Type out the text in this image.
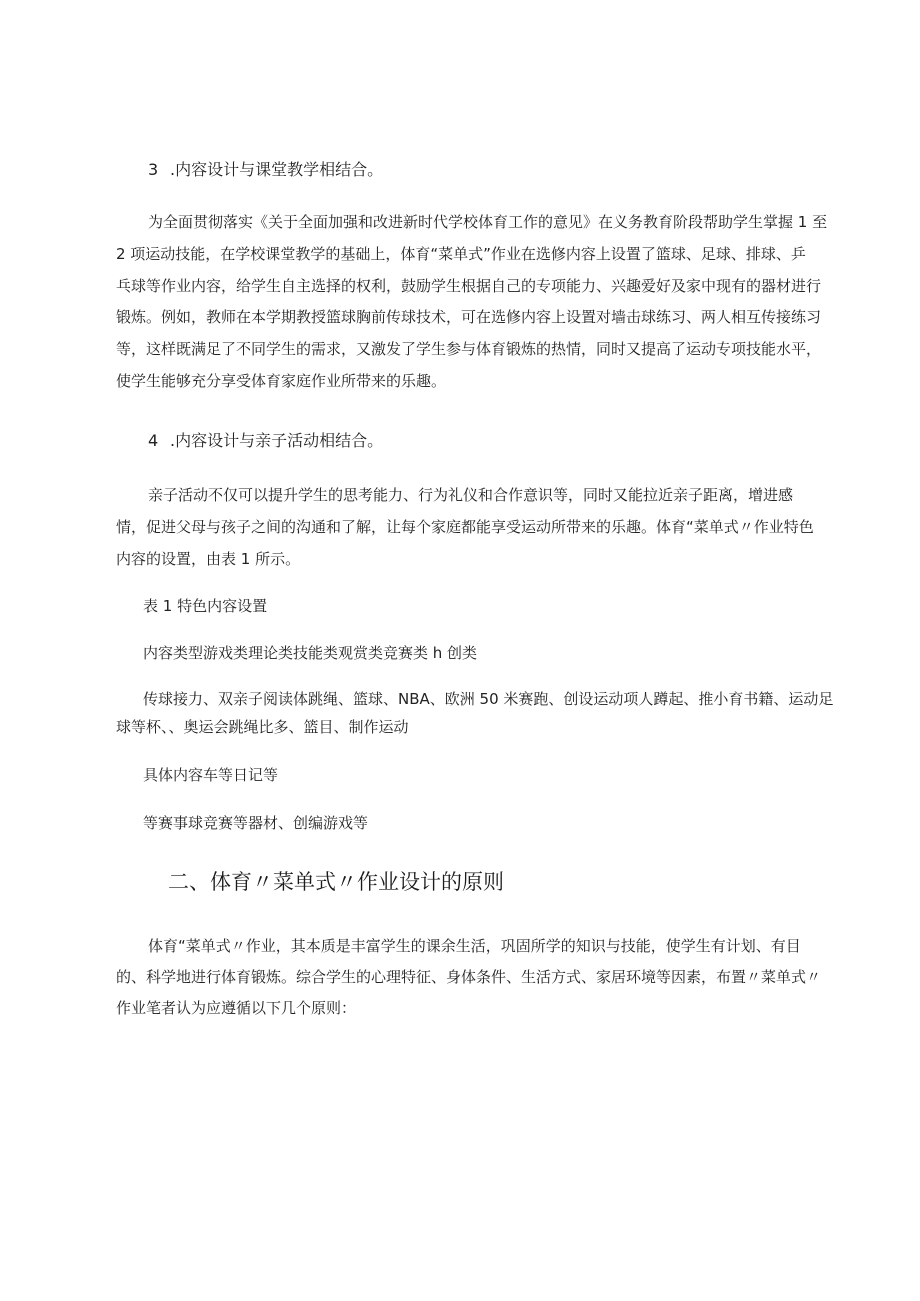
3 .内容设计与课堂教学相结合。
为全面贯彻落实《关于全面加强和改进新时代学校体育工作的意见》在义务教育阶段帮助学生掌握 1 至
2 项运动技能，在学校课堂教学的基础上，体育“菜单式”作业在选修内容上设置了篮球、足球、排球、乒
乓球等作业内容，给学生自主选择的权利，鼓励学生根据自己的专项能力、兴趣爱好及家中现有的器材进行
锻炼。例如，教师在本学期教授篮球胸前传球技术，可在选修内容上设置对墙击球练习、两人相互传接练习
等，这样既满足了不同学生的需求，又激发了学生参与体育锻炼的热情，同时又提高了运动专项技能水平，
使学生能够充分享受体育家庭作业所带来的乐趣。
4 .内容设计与亲子活动相结合。
亲子活动不仅可以提升学生的思考能力、行为礼仪和合作意识等，同时又能拉近亲子距离，增进感
情，促进父母与孩子之间的沟通和了解，让每个家庭都能享受运动所带来的乐趣。体育“菜单式〃作业特色
内容的设置，由表 1 所示。
表 1 特色内容设置
内容类型游戏类理论类技能类观赏类竞赛类 h 创类
传球接力、双亲子阅读体跳绳、篮球、NBA、欧洲 50 米赛跑、创设运动项人蹲起、推小育书籍、运动足
球等杯、、奥运会跳绳比多、篮目、制作运动
具体内容车等日记等
等赛事球竞赛等器材、创编游戏等
二、体育〃菜单式〃作业设计的原则
体育“菜单式〃作业，其本质是丰富学生的课余生活，巩固所学的知识与技能，使学生有计划、有目
的、科学地进行体育锻炼。综合学生的心理特征、身体条件、生活方式、家居环境等因素，布置〃菜单式〃
作业笔者认为应遵循以下几个原则：
